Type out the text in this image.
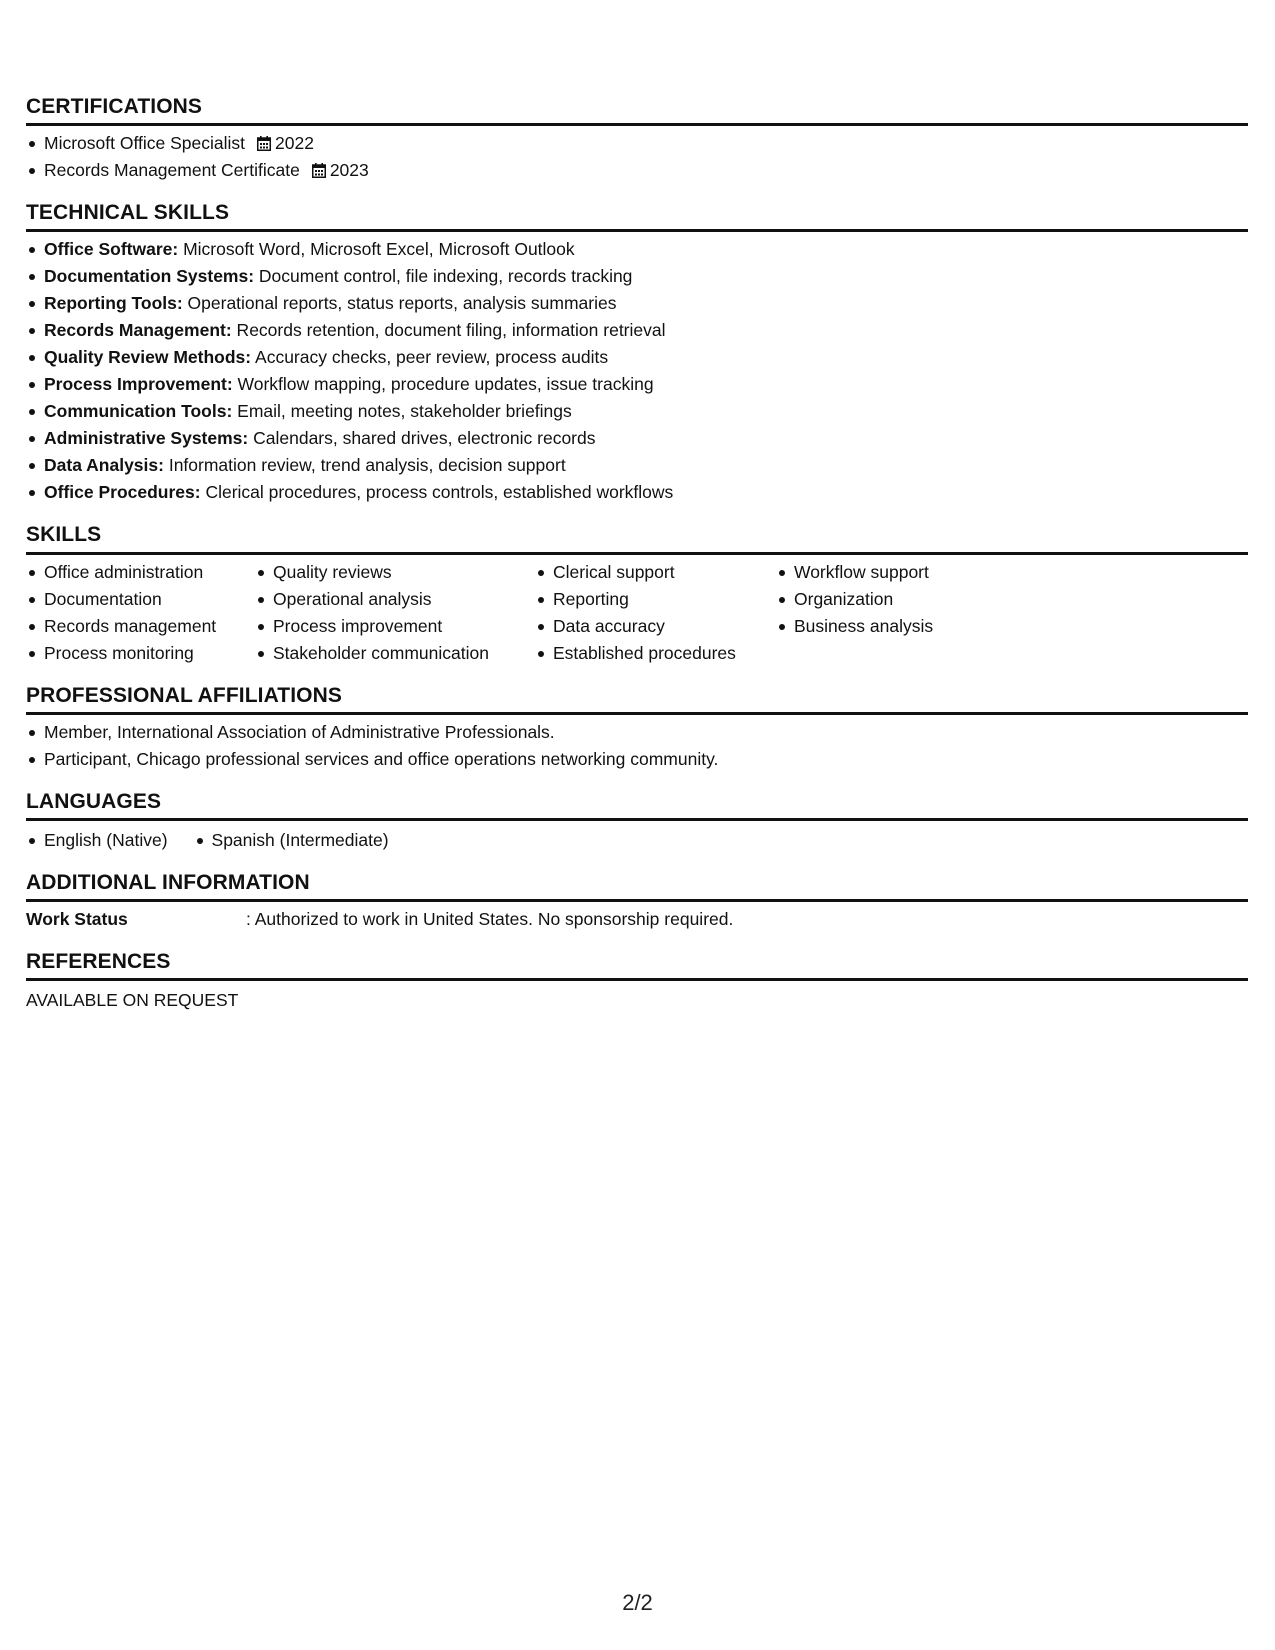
CERTIFICATIONS
Microsoft Office Specialist 2022
Records Management Certificate 2023
TECHNICAL SKILLS
Office Software: Microsoft Word, Microsoft Excel, Microsoft Outlook
Documentation Systems: Document control, file indexing, records tracking
Reporting Tools: Operational reports, status reports, analysis summaries
Records Management: Records retention, document filing, information retrieval
Quality Review Methods: Accuracy checks, peer review, process audits
Process Improvement: Workflow mapping, procedure updates, issue tracking
Communication Tools: Email, meeting notes, stakeholder briefings
Administrative Systems: Calendars, shared drives, electronic records
Data Analysis: Information review, trend analysis, decision support
Office Procedures: Clerical procedures, process controls, established workflows
SKILLS
Office administration
Documentation
Records management
Process monitoring
Quality reviews
Operational analysis
Process improvement
Stakeholder communication
Clerical support
Reporting
Data accuracy
Established procedures
Workflow support
Organization
Business analysis
PROFESSIONAL AFFILIATIONS
Member, International Association of Administrative Professionals.
Participant, Chicago professional services and office operations networking community.
LANGUAGES
English (Native)	Spanish (Intermediate)
ADDITIONAL INFORMATION
Work Status	: Authorized to work in United States. No sponsorship required.
REFERENCES
AVAILABLE ON REQUEST
2/2
